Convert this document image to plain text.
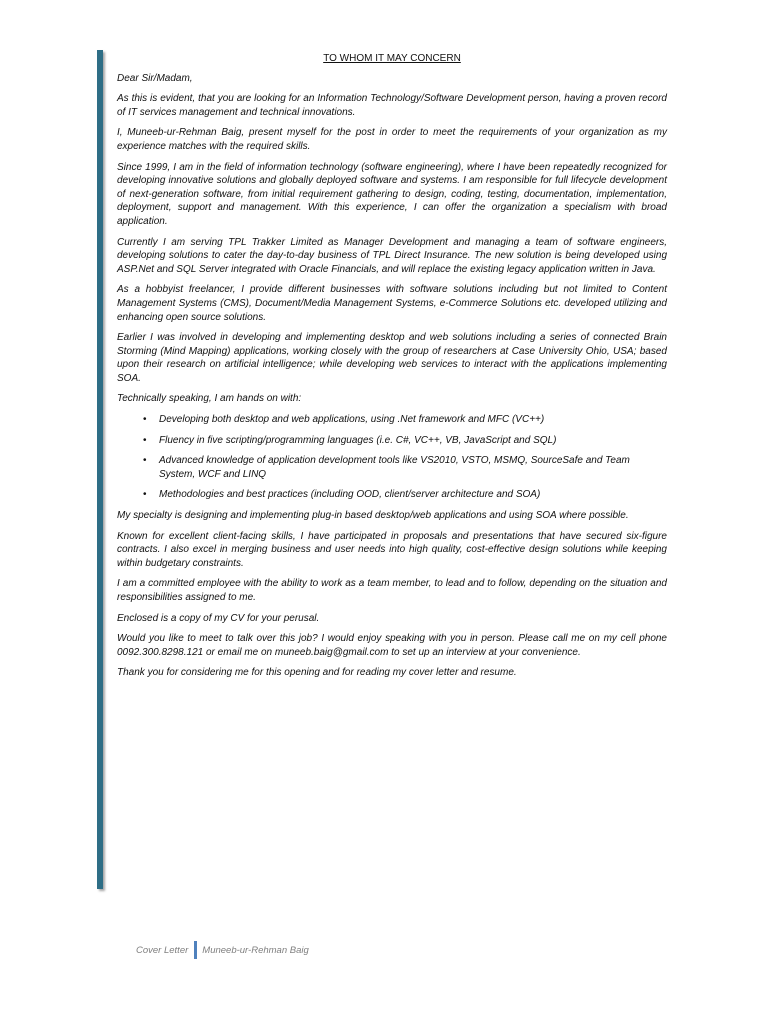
TO WHOM IT MAY CONCERN
Dear Sir/Madam,
As this is evident, that you are looking for an Information Technology/Software Development person, having a proven record of IT services management and technical innovations.
I, Muneeb-ur-Rehman Baig, present myself for the post in order to meet the requirements of your organization as my experience matches with the required skills.
Since 1999, I am in the field of information technology (software engineering), where I have been repeatedly recognized for developing innovative solutions and globally deployed software and systems. I am responsible for full lifecycle development of next-generation software, from initial requirement gathering to design, coding, testing, documentation, implementation, deployment, support and management. With this experience, I can offer the organization a specialism with broad application.
Currently I am serving TPL Trakker Limited as Manager Development and managing a team of software engineers, developing solutions to cater the day-to-day business of TPL Direct Insurance. The new solution is being developed using ASP.Net and SQL Server integrated with Oracle Financials, and will replace the existing legacy application written in Java.
As a hobbyist freelancer, I provide different businesses with software solutions including but not limited to Content Management Systems (CMS), Document/Media Management Systems, e-Commerce Solutions etc. developed utilizing and enhancing open source solutions.
Earlier I was involved in developing and implementing desktop and web solutions including a series of connected Brain Storming (Mind Mapping) applications, working closely with the group of researchers at Case University Ohio, USA; based upon their research on artificial intelligence; while developing web services to interact with the applications implementing SOA.
Technically speaking, I am hands on with:
• Developing both desktop and web applications, using .Net framework and MFC (VC++)
• Fluency in five scripting/programming languages (i.e. C#, VC++, VB, JavaScript and SQL)
• Advanced knowledge of application development tools like VS2010, VSTO, MSMQ, SourceSafe and Team System, WCF and LINQ
• Methodologies and best practices (including OOD, client/server architecture and SOA)
My specialty is designing and implementing plug-in based desktop/web applications and using SOA where possible.
Known for excellent client-facing skills, I have participated in proposals and presentations that have secured six-figure contracts. I also excel in merging business and user needs into high quality, cost-effective design solutions while keeping within budgetary constraints.
I am a committed employee with the ability to work as a team member, to lead and to follow, depending on the situation and responsibilities assigned to me.
Enclosed is a copy of my CV for your perusal.
Would you like to meet to talk over this job? I would enjoy speaking with you in person. Please call me on my cell phone 0092.300.8298.121 or email me on muneeb.baig@gmail.com to set up an interview at your convenience.
Thank you for considering me for this opening and for reading my cover letter and resume.
Cover Letter Muneeb-ur-Rehman Baig
